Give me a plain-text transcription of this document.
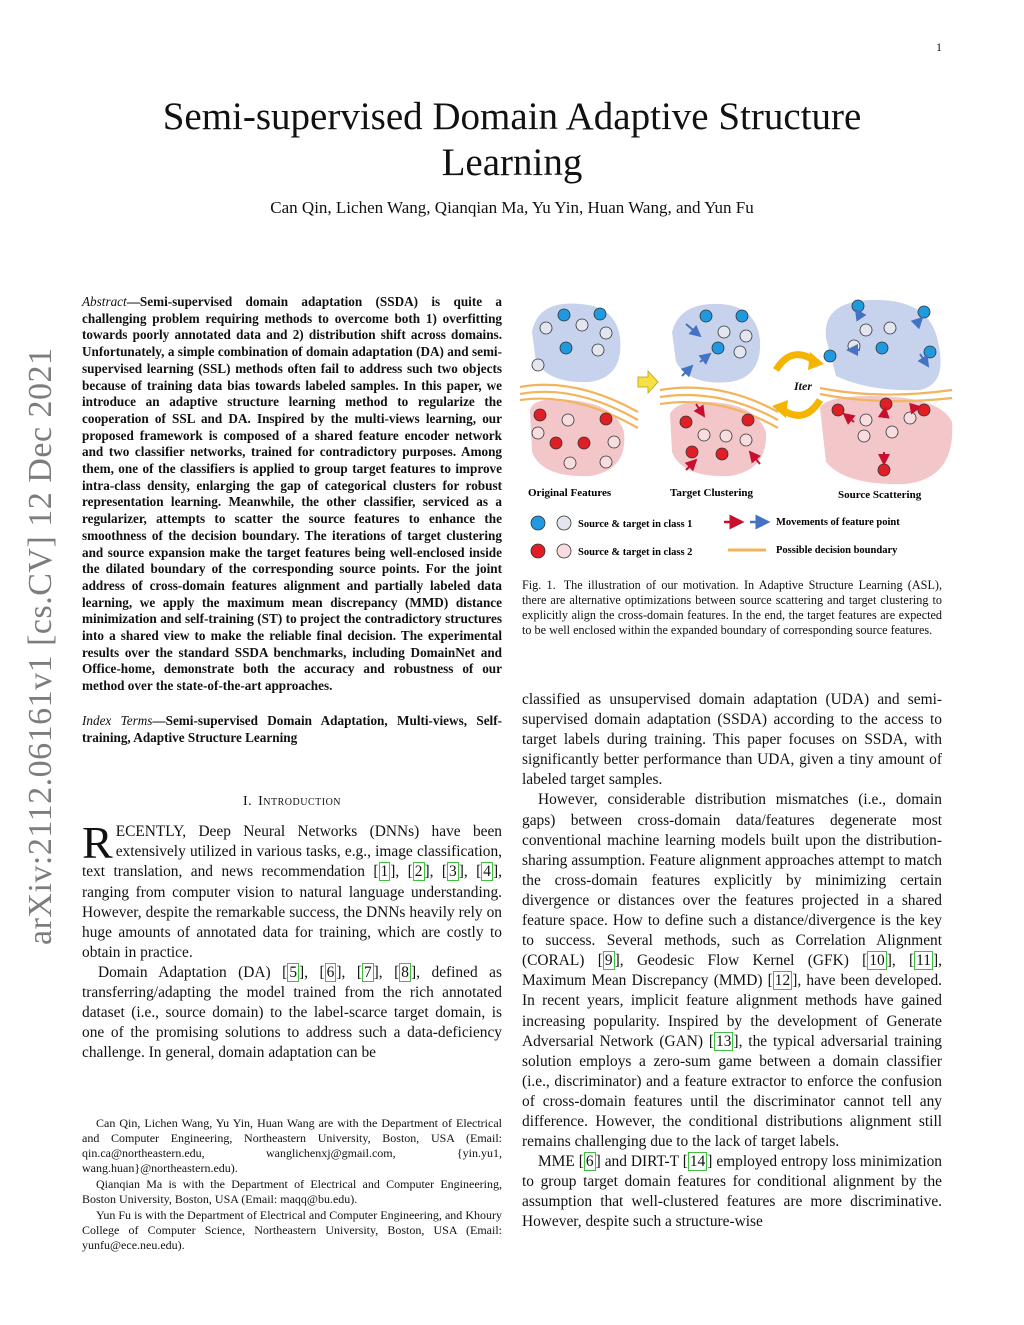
1
arXiv:2112.06161v1 [cs.CV] 12 Dec 2021
Semi-supervised Domain Adaptive Structure Learning
Can Qin, Lichen Wang, Qianqian Ma, Yu Yin, Huan Wang, and Yun Fu
Abstract—Semi-supervised domain adaptation (SSDA) is quite a challenging problem requiring methods to overcome both 1) overfitting towards poorly annotated data and 2) distribution shift across domains. Unfortunately, a simple combination of domain adaptation (DA) and semi-supervised learning (SSL) methods often fail to address such two objects because of training data bias towards labeled samples. In this paper, we introduce an adaptive structure learning method to regularize the cooperation of SSL and DA. Inspired by the multi-views learning, our proposed framework is composed of a shared feature encoder network and two classifier networks, trained for contradictory purposes. Among them, one of the classifiers is applied to group target features to improve intra-class density, enlarging the gap of categorical clusters for robust representation learning. Meanwhile, the other classifier, serviced as a regularizer, attempts to scatter the source features to enhance the smoothness of the decision boundary. The iterations of target clustering and source expansion make the target features being well-enclosed inside the dilated boundary of the corresponding source points. For the joint address of cross-domain features alignment and partially labeled data learning, we apply the maximum mean discrepancy (MMD) distance minimization and self-training (ST) to project the contradictory structures into a shared view to make the reliable final decision. The experimental results over the standard SSDA benchmarks, including DomainNet and Office-home, demonstrate both the accuracy and robustness of our method over the state-of-the-art approaches.
Index Terms—Semi-supervised Domain Adaptation, Multi-views, Self-training, Adaptive Structure Learning
I. Introduction

RECENTLY, Deep Neural Networks (DNNs) have been extensively utilized in various tasks, e.g., image classification, text translation, and news recommendation [ 1 ], [ 2 ], [ 3 ], [ 4 ], ranging from computer vision to natural language understanding. However, despite the remarkable success, the DNNs heavily rely on huge amounts of annotated data for training, which are costly to obtain in practice.

Domain Adaptation (DA) [ 5 ], [ 6 ], [ 7 ], [ 8 ], defined as transferring/adapting the model trained from the rich annotated dataset (i.e., source domain) to the label-scarce target domain, is one of the promising solutions to address such a data-deficiency challenge. In general, domain adaptation can be

Can Qin, Lichen Wang, Yu Yin, Huan Wang are with the Department of Electrical and Computer Engineering, Northeastern University, Boston, USA (Email: qin.ca@northeastern.edu, wanglichenxj@gmail.com, {yin.yu1, wang.huan}@northeastern.edu).

Qianqian Ma is with the Department of Electrical and Computer Engineering, Boston University, Boston, USA (Email: maqq@bu.edu).

Yun Fu is with the Department of Electrical and Computer Engineering, and Khoury College of Computer Science, Northeastern University, Boston, USA (Email: yunfu@ece.neu.edu).

Iter
Original Features	Target Clustering	Source Scattering
Source & target in class 1
Source & target in class 2
Movements of feature point
Possible decision boundary
Fig. 1. The illustration of our motivation. In Adaptive Structure Learning (ASL), there are alternative optimizations between source scattering and target clustering to explicitly align the cross-domain features. In the end, the target features are expected to be well enclosed within the expanded boundary of corresponding source features.

classified as unsupervised domain adaptation (UDA) and semi-supervised domain adaptation (SSDA) according to the access to target labels during training. This paper focuses on SSDA, with significantly better performance than UDA, given a tiny amount of labeled target samples.

However, considerable distribution mismatches (i.e., domain gaps) between cross-domain data/features degenerate most conventional machine learning models built upon the distribution-sharing assumption. Feature alignment approaches attempt to match the cross-domain features explicitly by minimizing certain divergence or distances over the features projected in a shared feature space. How to define such a distance/divergence is the key to success. Several methods, such as Correlation Alignment (CORAL) [ 9 ], Geodesic Flow Kernel (GFK) [ 10 ], [ 11 ], Maximum Mean Discrepancy (MMD) [ 12 ], have been developed. In recent years, implicit feature alignment methods have gained increasing popularity. Inspired by the development of Generate Adversarial Network (GAN) [ 13 ], the typical adversarial training solution employs a zero-sum game between a domain classifier (i.e., discriminator) and a feature extractor to enforce the confusion of cross-domain features until the discriminator cannot tell any difference. However, the conditional distributions alignment still remains challenging due to the lack of target labels.

MME [ 6 ] and DIRT-T [ 14 ] employed entropy loss minimization to group target domain features for conditional alignment by the assumption that well-clustered features are more discriminative. However, despite such a structure-wise
